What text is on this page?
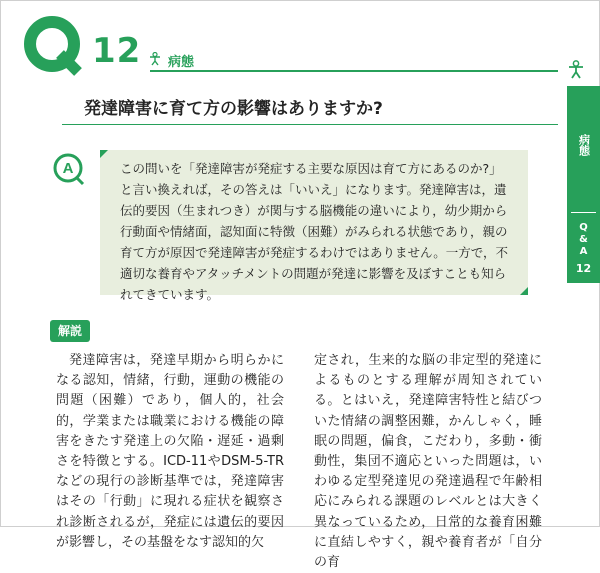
12 病態
発達障害に育て方の影響はありますか?
A	この問いを「発達障害が発症する主要な原因は育て方にあるのか?」と言い換えれば，その答えは「いいえ」になります。発達障害は，遺伝的要因（生まれつき）が関与する脳機能の違いにより，幼少期から行動面や情緒面，認知面に特徴（困難）がみられる状態であり，親の育て方が原因で発達障害が発症するわけではありません。一方で，不適切な養育やアタッチメントの問題が発達に影響を及ぼすことも知られてきています。
病態
Q&A
12
解説
発達障害は，発達早期から明らかになる認知，情緒，行動，運動の機能の問題（困難）であり，個人的，社会的，学業または職業における機能の障害をきたす発達上の欠陥・遅延・過剰さを特徴とする。ICD-11やDSM-5-TRなどの現行の診断基準では，発達障害はその「行動」に現れる症状を観察され診断されるが，発症には遺伝的要因が影響し，その基盤をなす認知的欠
定され，生来的な脳の非定型的発達によるものとする理解が周知されている。とはいえ，発達障害特性と結びついた情緒の調整困難，かんしゃく，睡眠の問題，偏食，こだわり，多動・衝動性，集団不適応といった問題は，いわゆる定型発達児の発達過程で年齢相応にみられる課題のレベルとは大きく異なっているため，日常的な養育困難に直結しやすく，親や養育者が「自分の育
